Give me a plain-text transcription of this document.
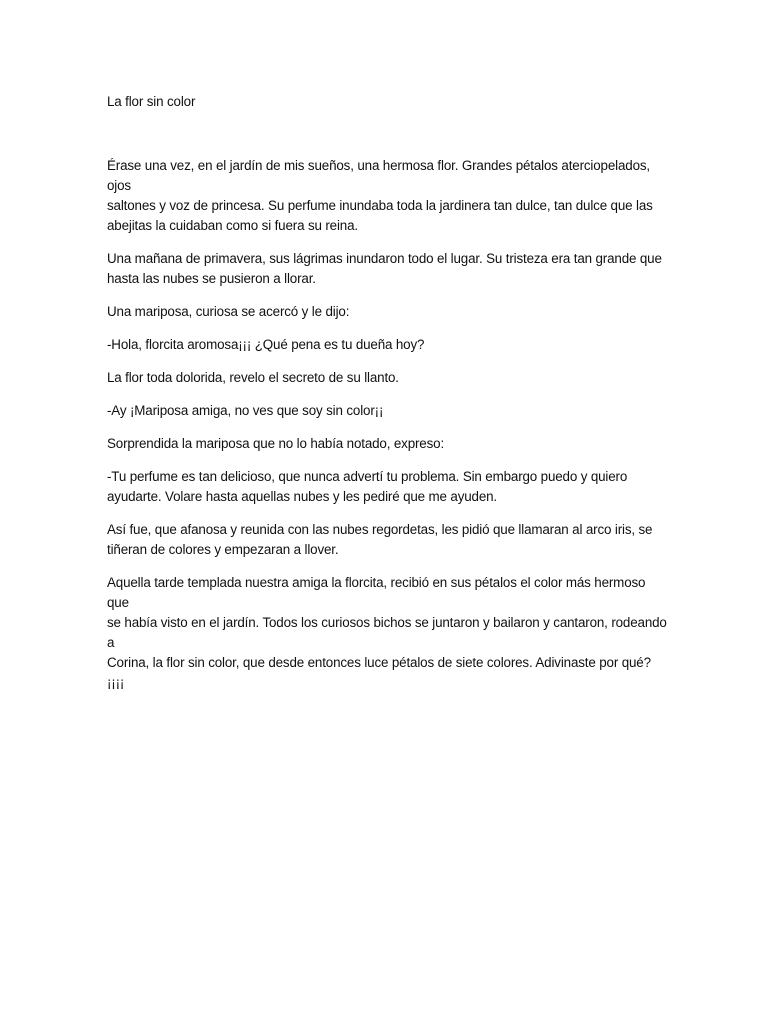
La flor sin color

Érase una vez, en el jardín de mis sueños, una hermosa flor. Grandes pétalos aterciopelados, ojos
saltones y voz de princesa. Su perfume inundaba toda la jardinera tan dulce, tan dulce que las
abejitas la cuidaban como si fuera su reina.

Una mañana de primavera, sus lágrimas inundaron todo el lugar. Su tristeza era tan grande que
hasta las nubes se pusieron a llorar.

Una mariposa, curiosa se acercó y le dijo:

-Hola, florcita aromosa¡¡¡ ¿Qué pena es tu dueña hoy?

La flor toda dolorida, revelo el secreto de su llanto.

-Ay ¡Mariposa amiga, no ves que soy sin color¡¡

Sorprendida la mariposa que no lo había notado, expreso:

-Tu perfume es tan delicioso, que nunca advertí tu problema. Sin embargo puedo y quiero
ayudarte. Volare hasta aquellas nubes y les pediré que me ayuden.

Así fue, que afanosa y reunida con las nubes regordetas, les pidió que llamaran al arco iris, se
tiñeran de colores y empezaran a llover.

Aquella tarde templada nuestra amiga la florcita, recibió en sus pétalos el color más hermoso que
se había visto en el jardín. Todos los curiosos bichos se juntaron y bailaron y cantaron, rodeando a
Corina, la flor sin color, que desde entonces luce pétalos de siete colores. Adivinaste por qué?¡¡¡¡
